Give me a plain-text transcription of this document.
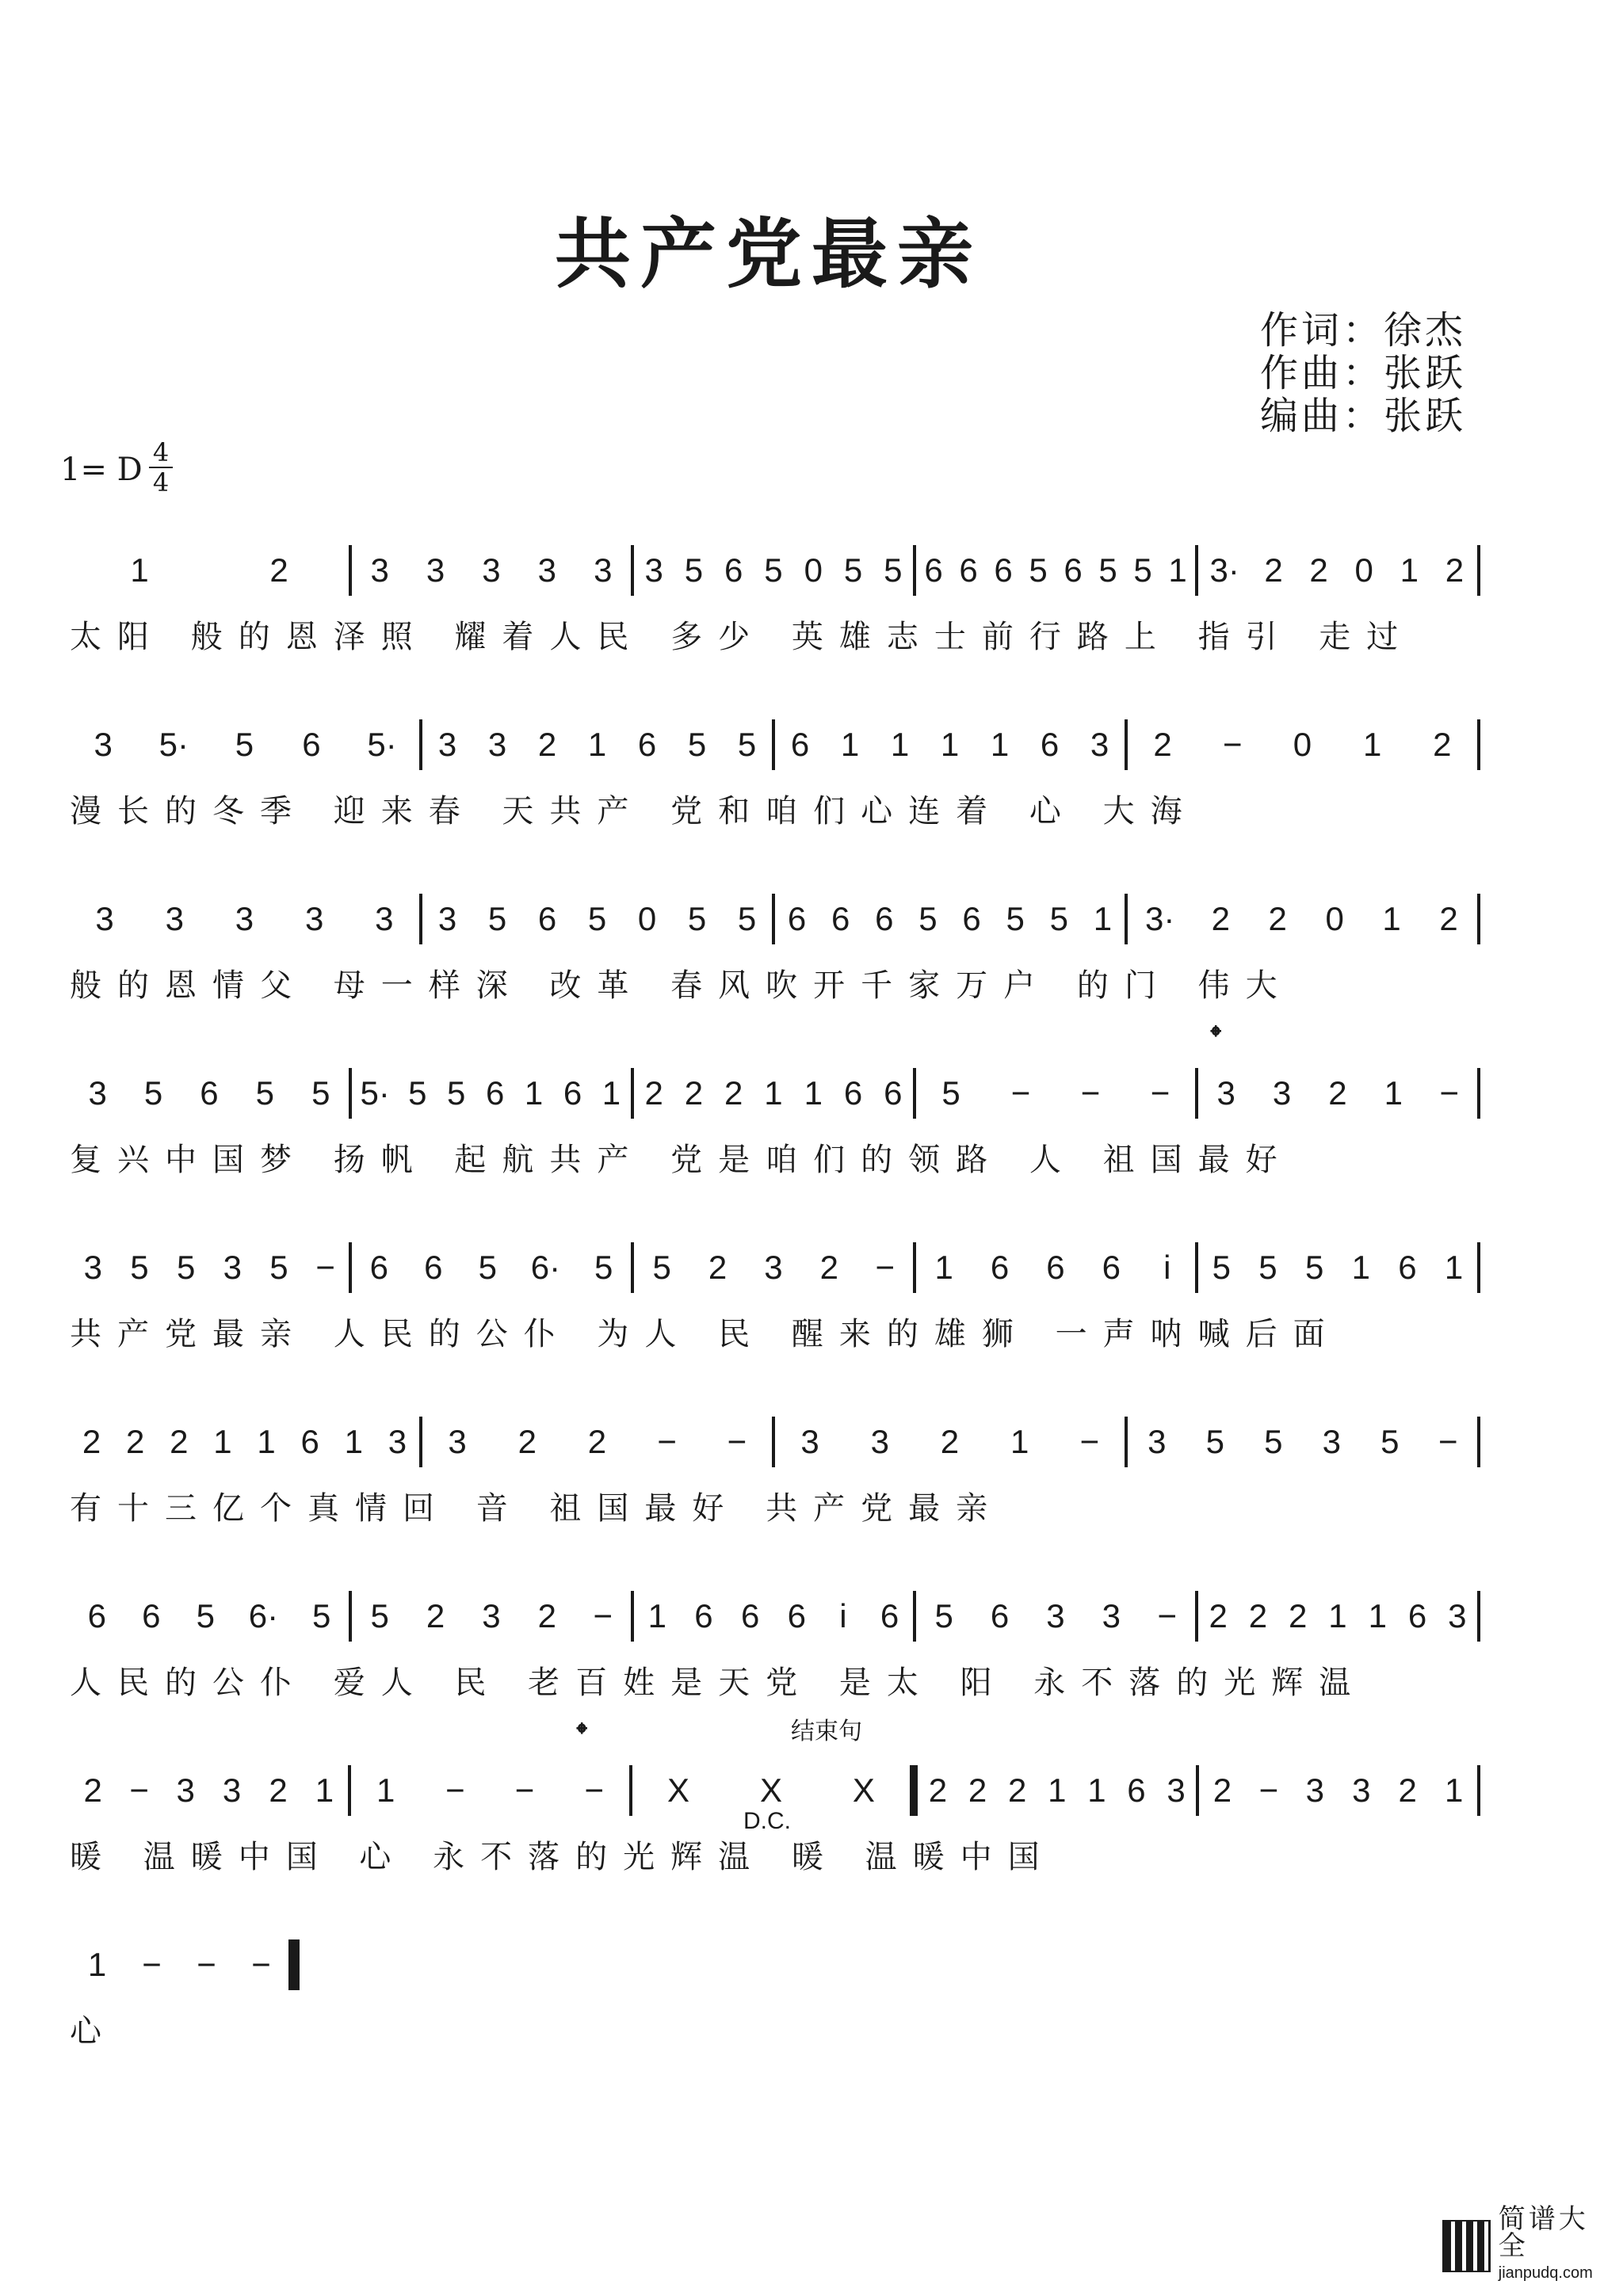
共产党最亲
作词：徐杰
作曲：张跃
编曲：张跃
1= D 4
4
1	2 3 3 3 3 3 3 5 6 5 0 5 5 6 6 6 5 6 5 5 1 3· 2 2 0 1 2
太阳 般的恩泽照 耀着人民 多少 英雄志士前行路上 指引 走过
3 5· 5 6 5· 3 3 2 1 6 5 5 6 1 1 1 1 6 3 2 − 0 1 2
漫长的冬季 迎来春 天共产 党和咱们心连着 心 大海
3 3 3 3 3 3 5 6 5 0 5 5 6 6 6 5 6 5 5 1 3· 2 2 0 1 2
般的恩情父 母一样深 改革 春风吹开千家万户 的门 伟大
3 5 6 5 5 5· 5 5 6 1 6 1 2 2 2 1 1 6 6 5 − − − 3 3 2 1 −
复兴中国梦 扬帆 起航共产 党是咱们的领路 人 祖国最好
𝄌
3 5 5 3 5 − 6 6 5 6· 5 5 2 3 2 − 1 6 6 6 i 5 5 5 1 6 1
共产党最亲 人民的公仆 为人 民 醒来的雄狮 一声呐喊后面
2 2 2 1 1 6 1 3 3 2 2 − − 3 3 2 1 − 3 5 5 3 5 −
有十三亿个真情回 音 祖国最好 共产党最亲
6 6 5 6· 5 5 2 3 2 − 1 6 6 6 i 6 5 6 3 3 − 2 2 2 1 1 6 3
人民的公仆 爱人 民 老百姓是天党 是太 阳 永不落的光辉温
2 − 3 3 2 1 1 − − − X X X 2 2 2 1 1 6 3 2 − 3 3 2 1
暖 温暖中国 心 永不落的光辉温 暖 温暖中国
𝄌	结束句
D.C.
1 − − −
心
简谱大全
jianpudq.com
